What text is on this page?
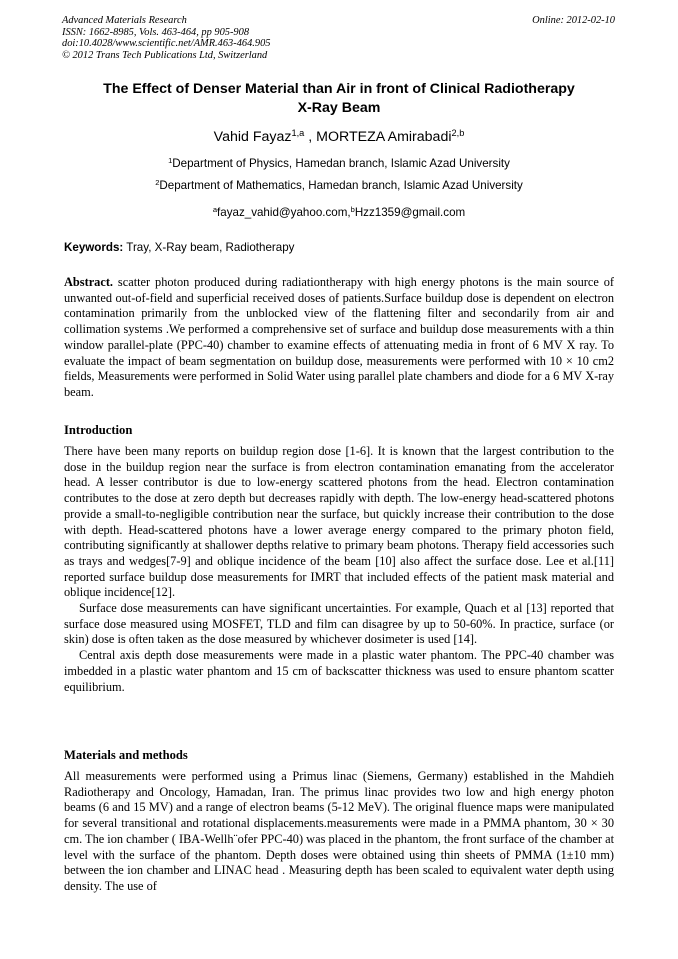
Advanced Materials Research
ISSN: 1662-8985, Vols. 463-464, pp 905-908
doi:10.4028/www.scientific.net/AMR.463-464.905
© 2012 Trans Tech Publications Ltd, Switzerland
Online: 2012-02-10
The Effect of Denser Material than Air in front of Clinical Radiotherapy
X-Ray Beam
Vahid Fayaz$^{1,a}$ , MORTEZA Amirabadi$^{2,b}$
$^1$Department of Physics, Hamedan branch, Islamic Azad University
$^2$Department of Mathematics, Hamedan branch, Islamic Azad University
$^a$fayaz_vahid@yahoo.com,$^b$Hzz1359@gmail.com
Keywords: Tray, X-Ray beam, Radiotherapy

Abstract. scatter photon produced during radiationtherapy with high energy photons is the main source of unwanted out-of-field and superficial received doses of patients.Surface buildup dose is dependent on electron contamination primarily from the unblocked view of the flattening filter and secondarily from air and collimation systems .We performed a comprehensive set of surface and buildup dose measurements with a thin window parallel-plate (PPC-40) chamber to examine effects of attenuating media in front of 6 MV X ray. To evaluate the impact of beam segmentation on buildup dose, measurements were performed with 10 × 10 cm2 fields, Measurements were performed in Solid Water using parallel plate chambers and diode for a 6 MV X-ray beam.

Introduction

There have been many reports on buildup region dose [1-6]. It is known that the largest contribution to the dose in the buildup region near the surface is from electron contamination emanating from the accelerator head. A lesser contributor is due to low-energy scattered photons from the head. Electron contamination contributes to the dose at zero depth but decreases rapidly with depth. The low-energy head-scattered photons provide a small-to-negligible contribution near the surface, but quickly increase their contribution to the dose with depth. Head-scattered photons have a lower average energy compared to the primary photon field, contributing significantly at shallower depths relative to primary beam photons. Therapy field accessories such as trays and wedges[7-9] and oblique incidence of the beam [10] also affect the surface dose. Lee et al.[11] reported surface buildup dose measurements for IMRT that included effects of the patient mask material and oblique incidence[12].

Surface dose measurements can have significant uncertainties. For example, Quach et al [13] reported that surface dose measured using MOSFET, TLD and film can disagree by up to 50-60%. In practice, surface (or skin) dose is often taken as the dose measured by whichever dosimeter is used [14].

Central axis depth dose measurements were made in a plastic water phantom. The PPC-40 chamber was imbedded in a plastic water phantom and 15 cm of backscatter thickness was used to ensure phantom scatter equilibrium.

Materials and methods

All measurements were performed using a Primus linac (Siemens, Germany) established in the Mahdieh Radiotherapy and Oncology, Hamadan, Iran. The primus linac provides two low and high energy photon beams (6 and 15 MV) and a range of electron beams (5-12 MeV). The original fluence maps were manipulated for several transitional and rotational displacements.measurements were made in a PMMA phantom, 30 × 30 cm. The ion chamber ( IBA-Wellh¨ofer PPC-40) was placed in the phantom, the front surface of the chamber at level with the surface of the phantom. Depth doses were obtained using thin sheets of PMMA (1±10 mm) between the ion chamber and LINAC head . Measuring depth has been scaled to equivalent water depth using density. The use of
